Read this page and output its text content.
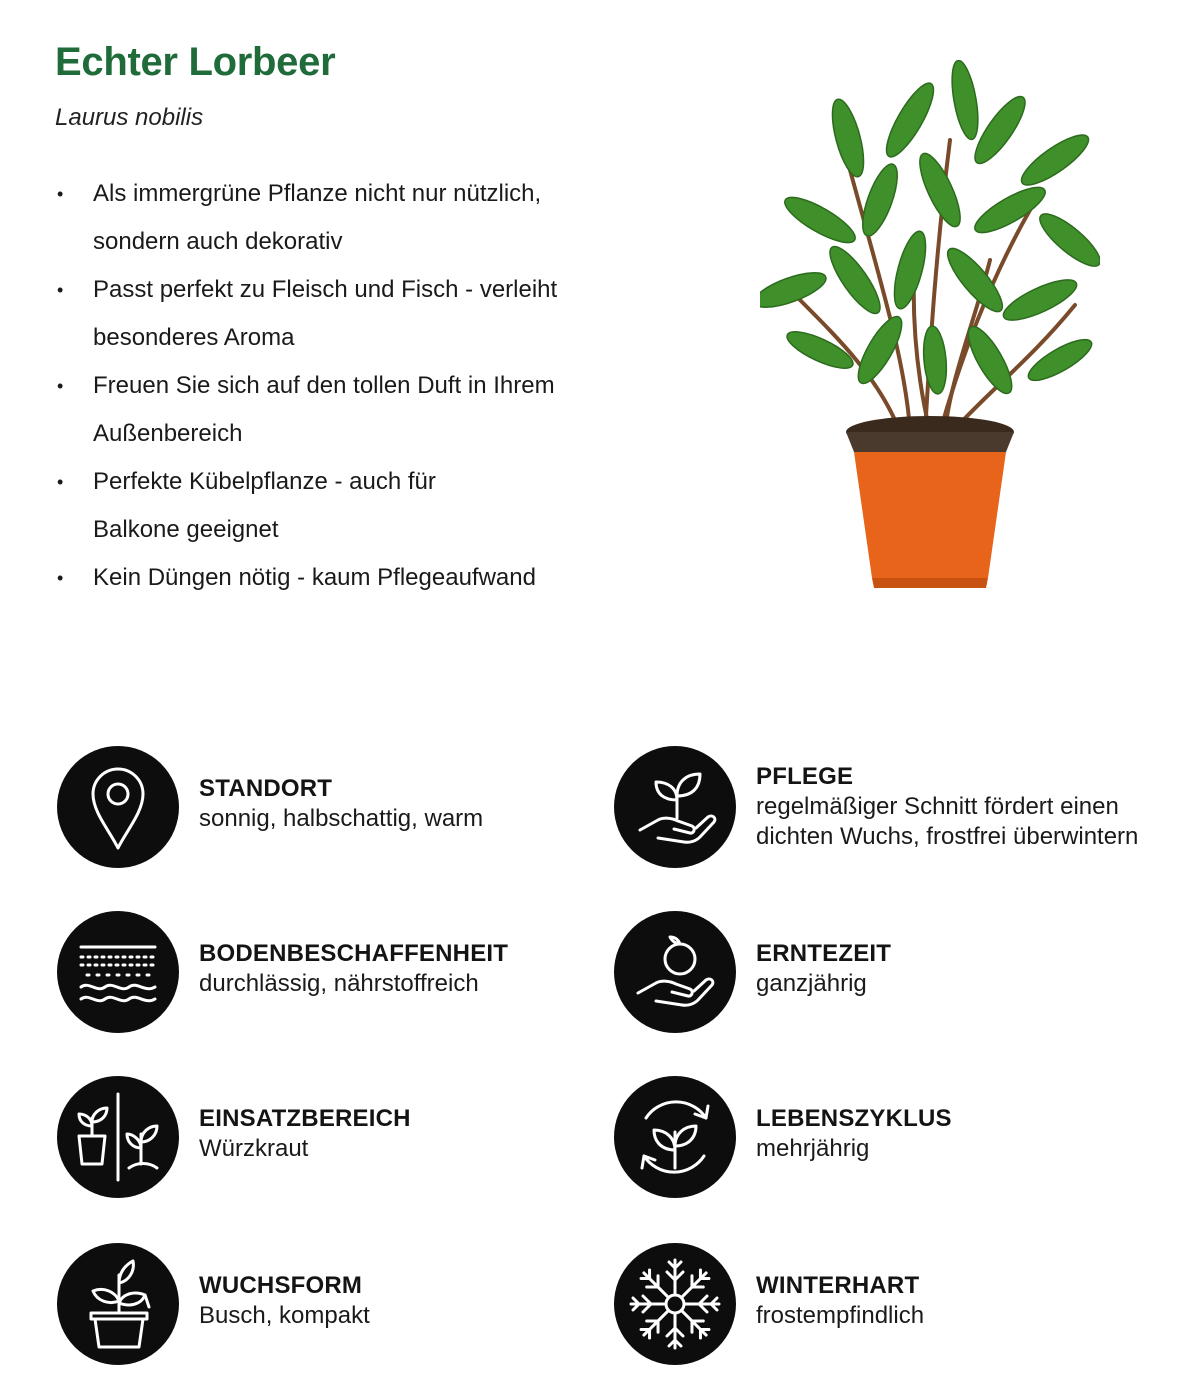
Echter Lorbeer

Laurus nobilis

• Als immergrüne Pflanze nicht nur nützlich,
sondern auch dekorativ
• Passt perfekt zu Fleisch und Fisch - verleiht
besonderes Aroma
• Freuen Sie sich auf den tollen Duft in Ihrem
Außenbereich
• Perfekte Kübelpflanze - auch für
Balkone geeignet
• Kein Düngen nötig - kaum Pflegeaufwand
STANDORT
sonnig, halbschattig, warm
PFLEGE
regelmäßiger Schnitt fördert einen
dichten Wuchs, frostfrei überwintern
BODENBESCHAFFENHEIT
durchlässig, nährstoffreich
ERNTEZEIT
ganzjährig
EINSATZBEREICH
Würzkraut
LEBENSZYKLUS
mehrjährig
WUCHSFORM
Busch, kompakt
WINTERHART
frostempfindlich
